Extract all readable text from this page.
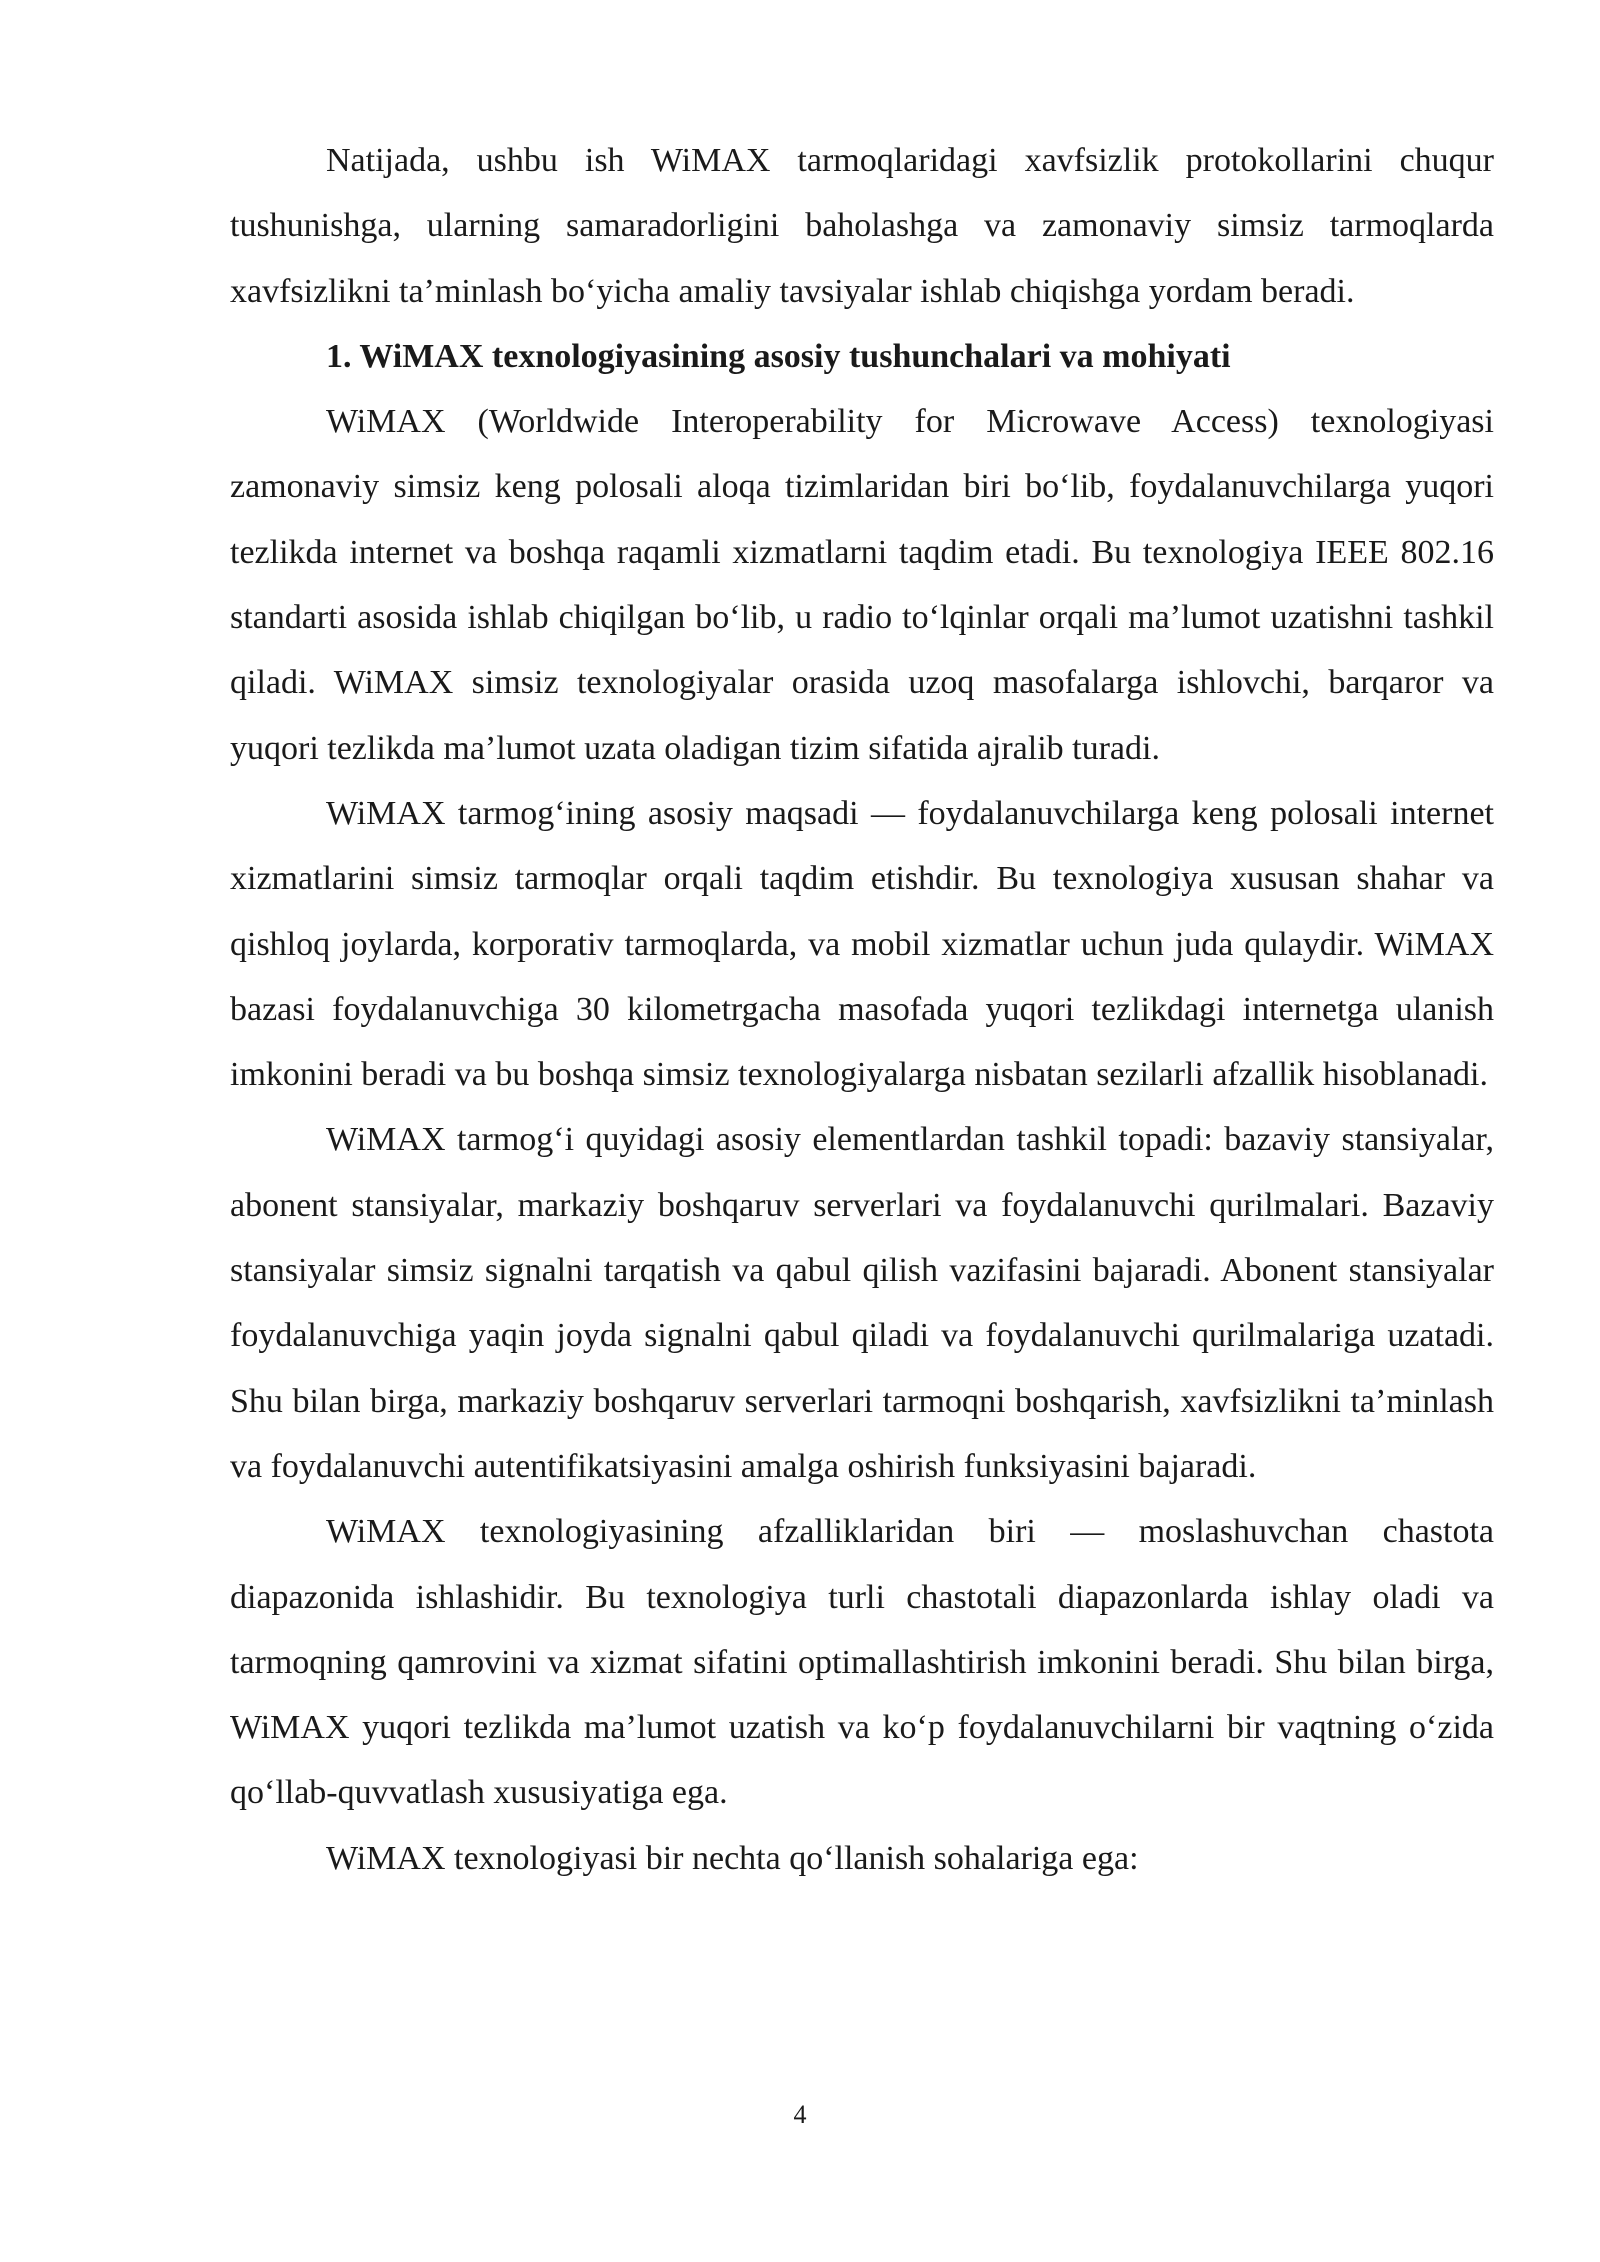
Natijada, ushbu ish WiMAX tarmoqlaridagi xavfsizlik protokollarini chuqur tushunishga, ularning samaradorligini baholashga va zamonaviy simsiz tarmoqlarda xavfsizlikni ta’minlash bo‘yicha amaliy tavsiyalar ishlab chiqishga yordam beradi.

1. WiMAX texnologiyasining asosiy tushunchalari va mohiyati

WiMAX (Worldwide Interoperability for Microwave Access) texnologiyasi zamonaviy simsiz keng polosali aloqa tizimlaridan biri bo‘lib, foydalanuvchilarga yuqori tezlikda internet va boshqa raqamli xizmatlarni taqdim etadi. Bu texnologiya IEEE 802.16 standarti asosida ishlab chiqilgan bo‘lib, u radio to‘lqinlar orqali ma’lumot uzatishni tashkil qiladi. WiMAX simsiz texnologiyalar orasida uzoq masofalarga ishlovchi, barqaror va yuqori tezlikda ma’lumot uzata oladigan tizim sifatida ajralib turadi.

WiMAX tarmog‘ining asosiy maqsadi — foydalanuvchilarga keng polosali internet xizmatlarini simsiz tarmoqlar orqali taqdim etishdir. Bu texnologiya xususan shahar va qishloq joylarda, korporativ tarmoqlarda, va mobil xizmatlar uchun juda qulaydir. WiMAX bazasi foydalanuvchiga 30 kilometrgacha masofada yuqori tezlikdagi internetga ulanish imkonini beradi va bu boshqa simsiz texnologiyalarga nisbatan sezilarli afzallik hisoblanadi.

WiMAX tarmog‘i quyidagi asosiy elementlardan tashkil topadi: bazaviy stansiyalar, abonent stansiyalar, markaziy boshqaruv serverlari va foydalanuvchi qurilmalari. Bazaviy stansiyalar simsiz signalni tarqatish va qabul qilish vazifasini bajaradi. Abonent stansiyalar foydalanuvchiga yaqin joyda signalni qabul qiladi va foydalanuvchi qurilmalariga uzatadi. Shu bilan birga, markaziy boshqaruv serverlari tarmoqni boshqarish, xavfsizlikni ta’minlash va foydalanuvchi autentifikatsiyasini amalga oshirish funksiyasini bajaradi.

WiMAX texnologiyasining afzalliklaridan biri — moslashuvchan chastota diapazonida ishlashidir. Bu texnologiya turli chastotali diapazonlarda ishlay oladi va tarmoqning qamrovini va xizmat sifatini optimallashtirish imkonini beradi. Shu bilan birga, WiMAX yuqori tezlikda ma’lumot uzatish va ko‘p foydalanuvchilarni bir vaqtning o‘zida qo‘llab-quvvatlash xususiyatiga ega.

WiMAX texnologiyasi bir nechta qo‘llanish sohalariga ega:

4
